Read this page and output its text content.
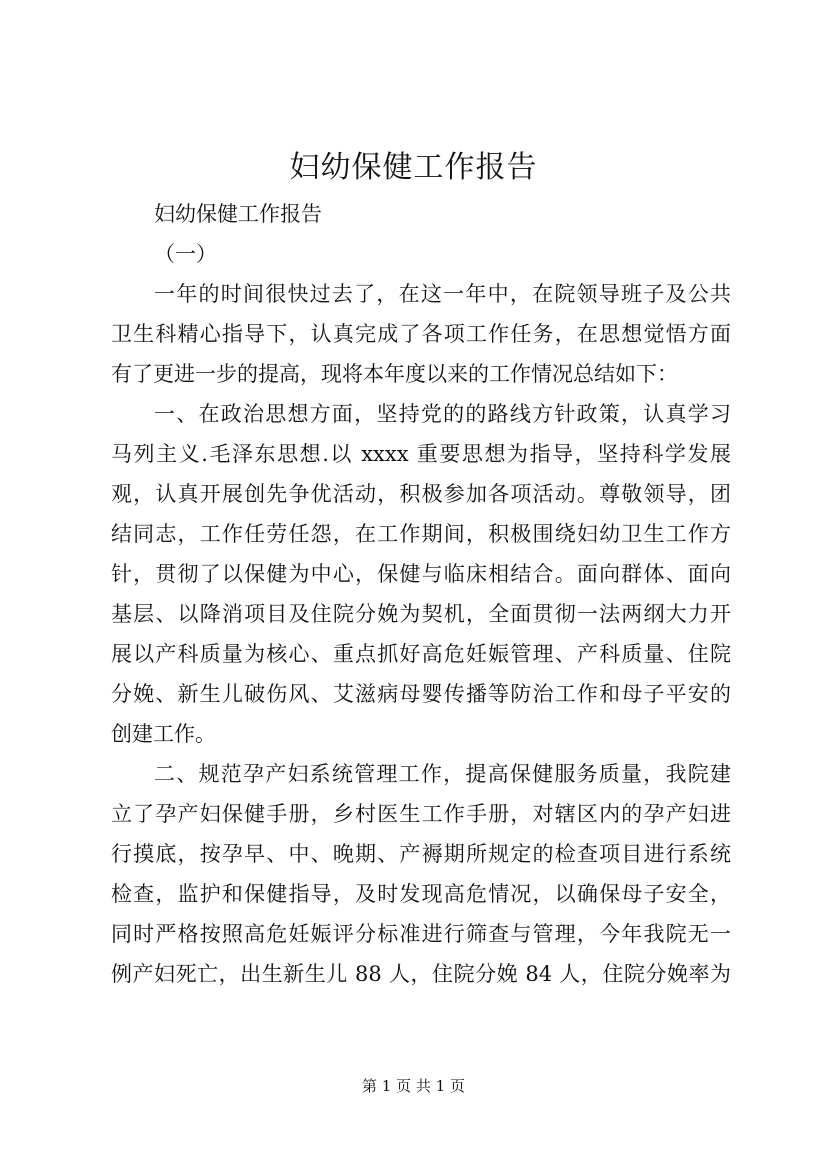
妇幼保健工作报告
妇幼保健工作报告
（一）
一年的时间很快过去了，在这一年中，在院领导班子及公共
卫生科精心指导下，认真完成了各项工作任务，在思想觉悟方面
有了更进一步的提高，现将本年度以来的工作情况总结如下：
一、在政治思想方面，坚持党的的路线方针政策，认真学习
马列主义.毛泽东思想.以 xxxx 重要思想为指导，坚持科学发展
观，认真开展创先争优活动，积极参加各项活动。尊敬领导，团
结同志，工作任劳任怨，在工作期间，积极围绕妇幼卫生工作方
针，贯彻了以保健为中心，保健与临床相结合。面向群体、面向
基层、以降消项目及住院分娩为契机，全面贯彻一法两纲大力开
展以产科质量为核心、重点抓好高危妊娠管理、产科质量、住院
分娩、新生儿破伤风、艾滋病母婴传播等防治工作和母子平安的
创建工作。
二、规范孕产妇系统管理工作，提高保健服务质量，我院建
立了孕产妇保健手册，乡村医生工作手册，对辖区内的孕产妇进
行摸底，按孕早、中、晚期、产褥期所规定的检查项目进行系统
检查，监护和保健指导，及时发现高危情况，以确保母子安全，
同时严格按照高危妊娠评分标准进行筛查与管理，今年我院无一
例产妇死亡，出生新生儿 88 人，住院分娩 84 人，住院分娩率为
第 1 页 共 1 页
